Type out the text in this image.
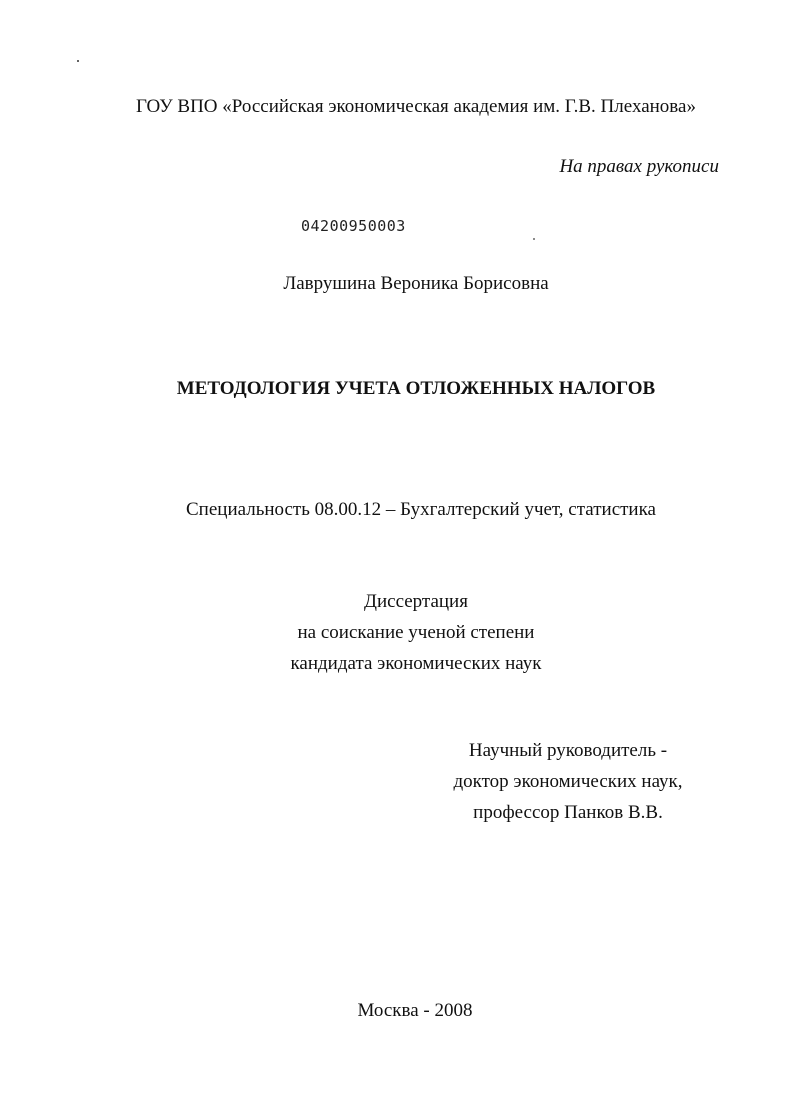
ГОУ ВПО «Российская экономическая академия им. Г.В. Плеханова»
На правах рукописи
04200950003
Лаврушина Вероника Борисовна
МЕТОДОЛОГИЯ УЧЕТА ОТЛОЖЕННЫХ НАЛОГОВ
Специальность 08.00.12 – Бухгалтерский учет, статистика
Диссертация
на соискание ученой степени
кандидата экономических наук
Научный руководитель -
доктор экономических наук,
профессор Панков В.В.
Москва - 2008
